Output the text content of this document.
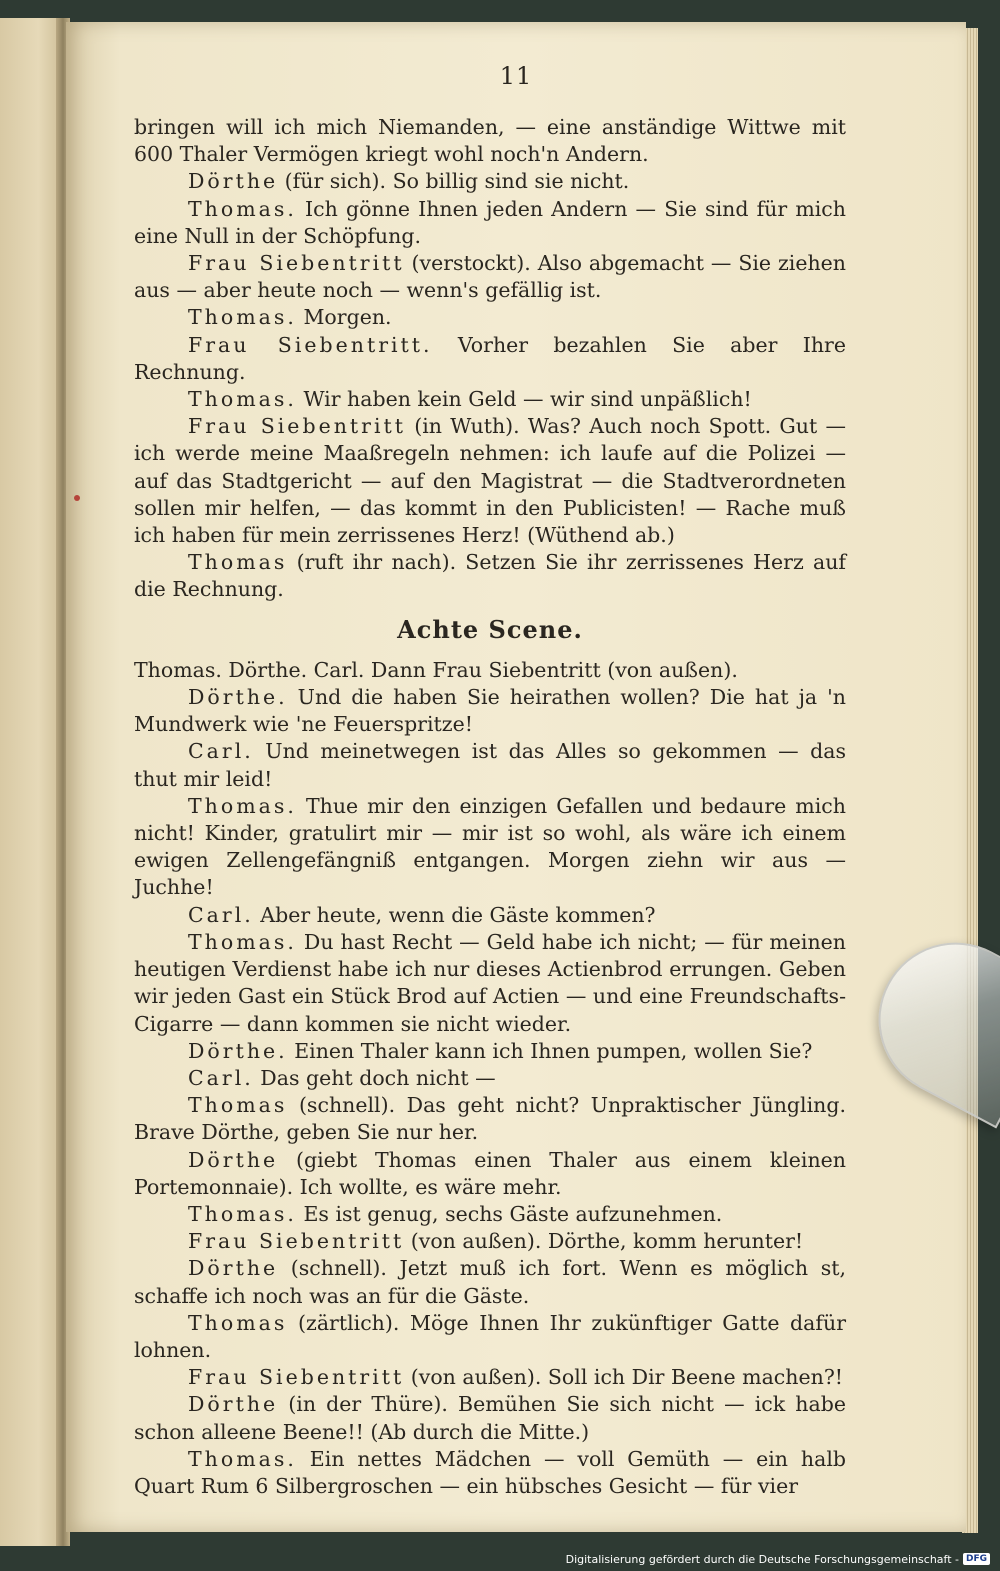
11

bringen will ich mich Niemanden, — eine anständige Wittwe mit 600 Thaler Vermögen kriegt wohl noch'n Andern.

Dörthe (für sich). So billig sind sie nicht.

Thomas. Ich gönne Ihnen jeden Andern — Sie sind für mich eine Null in der Schöpfung.

Frau Siebentritt (verstockt). Also abgemacht — Sie ziehen aus — aber heute noch — wenn's gefällig ist.

Thomas. Morgen.

Frau Siebentritt. Vorher bezahlen Sie aber Ihre Rechnung.

Thomas. Wir haben kein Geld — wir sind unpäßlich!

Frau Siebentritt (in Wuth). Was? Auch noch Spott. Gut — ich werde meine Maaßregeln nehmen: ich laufe auf die Polizei — auf das Stadtgericht — auf den Magistrat — die Stadtverordneten sollen mir helfen, — das kommt in den Publicisten! — Rache muß ich haben für mein zerrissenes Herz! (Wüthend ab.)

Thomas (ruft ihr nach). Setzen Sie ihr zerrissenes Herz auf die Rechnung.

Achte Scene.

Thomas. Dörthe. Carl. Dann Frau Siebentritt (von außen).

Dörthe. Und die haben Sie heirathen wollen? Die hat ja 'n Mundwerk wie 'ne Feuerspritze!

Carl. Und meinetwegen ist das Alles so gekommen — das thut mir leid!

Thomas. Thue mir den einzigen Gefallen und bedaure mich nicht! Kinder, gratulirt mir — mir ist so wohl, als wäre ich einem ewigen Zellengefängniß entgangen. Morgen ziehn wir aus — Juchhe!

Carl. Aber heute, wenn die Gäste kommen?

Thomas. Du hast Recht — Geld habe ich nicht; — für meinen heutigen Verdienst habe ich nur dieses Actienbrod errungen. Geben wir jeden Gast ein Stück Brod auf Actien — und eine Freundschafts-Cigarre — dann kommen sie nicht wieder.

Dörthe. Einen Thaler kann ich Ihnen pumpen, wollen Sie?

Carl. Das geht doch nicht —

Thomas (schnell). Das geht nicht? Unpraktischer Jüngling. Brave Dörthe, geben Sie nur her.

Dörthe (giebt Thomas einen Thaler aus einem kleinen Portemonnaie). Ich wollte, es wäre mehr.

Thomas. Es ist genug, sechs Gäste aufzunehmen.

Frau Siebentritt (von außen). Dörthe, komm herunter!

Dörthe (schnell). Jetzt muß ich fort. Wenn es möglich st, schaffe ich noch was an für die Gäste.

Thomas (zärtlich). Möge Ihnen Ihr zukünftiger Gatte dafür lohnen.

Frau Siebentritt (von außen). Soll ich Dir Beene machen?!

Dörthe (in der Thüre). Bemühen Sie sich nicht — ick habe schon alleene Beene!! (Ab durch die Mitte.)

Thomas. Ein nettes Mädchen — voll Gemüth — ein halb Quart Rum 6 Silbergroschen — ein hübsches Gesicht — für vier

Digitalisierung gefördert durch die Deutsche Forschungsgemeinschaft - DFG
